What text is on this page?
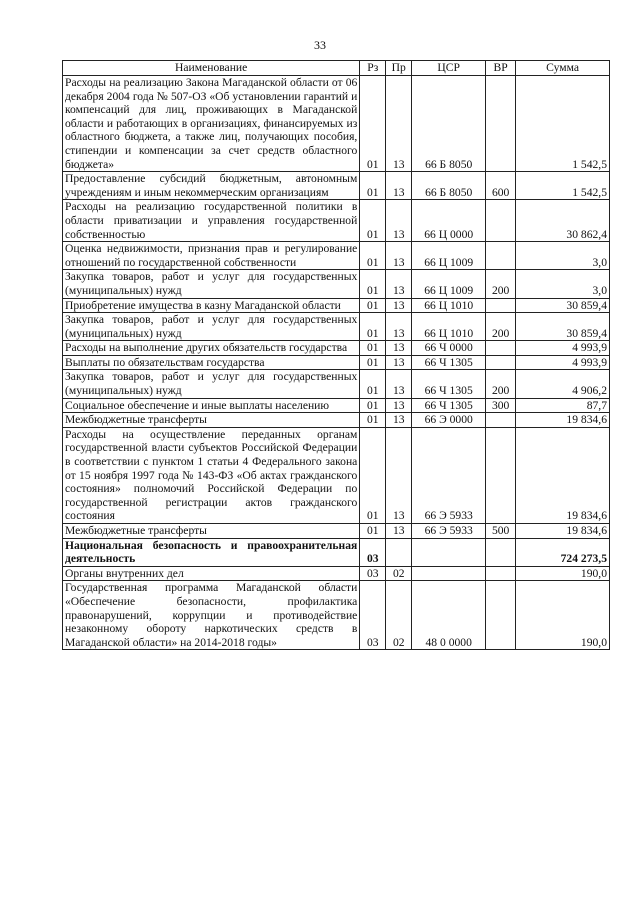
33
Наименование	Рз	Пр	ЦСР	ВР	Сумма
Расходы на реализацию Закона Магаданской области от 06 декабря 2004 года № 507-ОЗ «Об установлении гарантий и компенсаций для лиц, проживающих в Магаданской области и работающих в организациях, финансируемых из областного бюджета, а также лиц, получающих пособия, стипендии и компенсации за счет средств областного бюджета»	01	13	66 Б 8050		1 542,5
Предоставление субсидий бюджетным, автономным учреждениям и иным некоммерческим организациям	01	13	66 Б 8050	600	1 542,5
Расходы на реализацию государственной политики в области приватизации и управления государственной собственностью	01	13	66 Ц 0000		30 862,4
Оценка недвижимости, признания прав и регулирование отношений по государственной собственности	01	13	66 Ц 1009		3,0
Закупка товаров, работ и услуг для государственных (муниципальных) нужд	01	13	66 Ц 1009	200	3,0
Приобретение имущества в казну Магаданской области	01	13	66 Ц 1010		30 859,4
Закупка товаров, работ и услуг для государственных (муниципальных) нужд	01	13	66 Ц 1010	200	30 859,4
Расходы на выполнение других обязательств государства	01	13	66 Ч 0000		4 993,9
Выплаты по обязательствам государства	01	13	66 Ч 1305		4 993,9
Закупка товаров, работ и услуг для государственных (муниципальных) нужд	01	13	66 Ч 1305	200	4 906,2
Социальное обеспечение и иные выплаты населению	01	13	66 Ч 1305	300	87,7
Межбюджетные трансферты	01	13	66 Э 0000		19 834,6
Расходы на осуществление переданных органам государственной власти субъектов Российской Федерации в соответствии с пунктом 1 статьи 4 Федерального закона от 15 ноября 1997 года № 143-ФЗ «Об актах гражданского состояния» полномочий Российской Федерации по государственной регистрации актов гражданского состояния	01	13	66 Э 5933		19 834,6
Межбюджетные трансферты	01	13	66 Э 5933	500	19 834,6
Национальная безопасность и правоохранительная деятельность	03				724 273,5
Органы внутренних дел	03	02			190,0
Государственная программа Магаданской области «Обеспечение безопасности, профилактика правонарушений, коррупции и противодействие незаконному обороту наркотических средств в Магаданской области» на 2014-2018 годы»	03	02	48 0 0000		190,0
